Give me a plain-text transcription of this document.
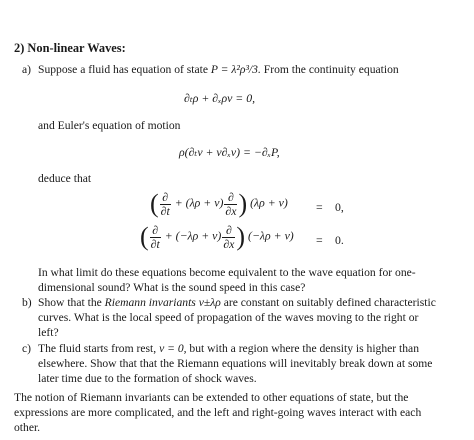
2) Non-linear Waves:
a) Suppose a fluid has equation of state P = λ²ρ³/3. From the continuity equation
∂ₜρ + ∂ₓρv = 0,
and Euler's equation of motion
ρ(∂ₜv + v∂ₓv) = −∂ₓP,
deduce that
( $\frac{\partial}{\partial t} + (\lambda\rho + v) \frac{\partial}{\partial x}$ ) (λρ + v) = 0,
( $\frac{\partial}{\partial t} + (-\lambda\rho + v) \frac{\partial}{\partial x}$ ) (−λρ + v) = 0.
In what limit do these equations become equivalent to the wave equation for one-
dimensional sound? What is the sound speed in this case?
b) Show that the Riemann invariants v±λρ are constant on suitably defined characteristic
curves. What is the local speed of propagation of the waves moving to the right or
left?
c) The fluid starts from rest, v = 0, but with a region where the density is higher than
elsewhere. Show that that the Riemann equations will inevitably break down at some
later time due to the formation of shock waves.
The notion of Riemann invariants can be extended to other equations of state, but the
expressions are more complicated, and the left and right-going waves interact with each
other.
